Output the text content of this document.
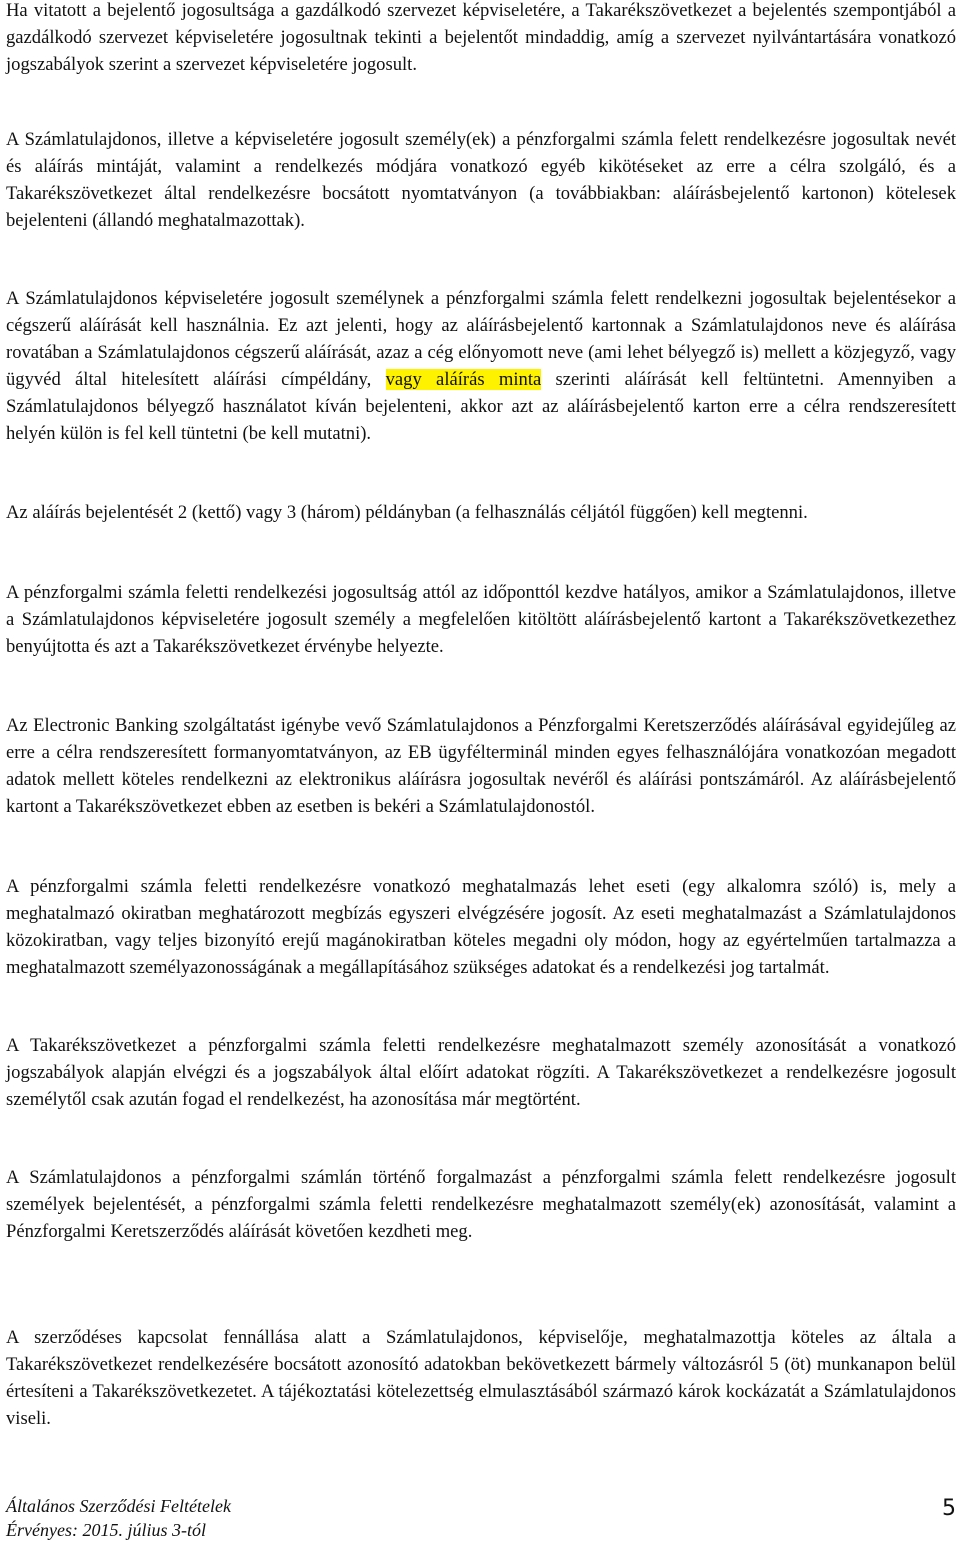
Ha vitatott a bejelentő jogosultsága a gazdálkodó szervezet képviseletére, a Takarékszövetkezet a bejelentés szempontjából a gazdálkodó szervezet képviseletére jogosultnak tekinti a bejelentőt mindaddig, amíg a szervezet nyilvántartására vonatkozó jogszabályok szerint a szervezet képviseletére jogosult.

A Számlatulajdonos, illetve a képviseletére jogosult személy(ek) a pénzforgalmi számla felett rendelkezésre jogosultak nevét és aláírás mintáját, valamint a rendelkezés módjára vonatkozó egyéb kikötéseket az erre a célra szolgáló, és a Takarékszövetkezet által rendelkezésre bocsátott nyomtatványon (a továbbiakban: aláírásbejelentő kartonon) kötelesek bejelenteni (állandó meghatalmazottak).

A Számlatulajdonos képviseletére jogosult személynek a pénzforgalmi számla felett rendelkezni jogosultak bejelentésekor a cégszerű aláírását kell használnia. Ez azt jelenti, hogy az aláírásbejelentő kartonnak a Számlatulajdonos neve és aláírása rovatában a Számlatulajdonos cégszerű aláírását, azaz a cég előnyomott neve (ami lehet bélyegző is) mellett a közjegyző, vagy ügyvéd által hitelesített aláírási címpéldány, vagy aláírás minta szerinti aláírását kell feltüntetni. Amennyiben a Számlatulajdonos bélyegző használatot kíván bejelenteni, akkor azt az aláírásbejelentő karton erre a célra rendszeresített helyén külön is fel kell tüntetni (be kell mutatni).

Az aláírás bejelentését 2 (kettő) vagy 3 (három) példányban (a felhasználás céljától függően) kell megtenni.

A pénzforgalmi számla feletti rendelkezési jogosultság attól az időponttól kezdve hatályos, amikor a Számlatulajdonos, illetve a Számlatulajdonos képviseletére jogosult személy a megfelelően kitöltött aláírásbejelentő kartont a Takarékszövetkezethez benyújtotta és azt a Takarékszövetkezet érvénybe helyezte.

Az Electronic Banking szolgáltatást igénybe vevő Számlatulajdonos a Pénzforgalmi Keretszerződés aláírásával egyidejűleg az erre a célra rendszeresített formanyomtatványon, az EB ügyfélterminál minden egyes felhasználójára vonatkozóan megadott adatok mellett köteles rendelkezni az elektronikus aláírásra jogosultak nevéről és aláírási pontszámáról. Az aláírásbejelentő kartont a Takarékszövetkezet ebben az esetben is bekéri a Számlatulajdonostól.

A pénzforgalmi számla feletti rendelkezésre vonatkozó meghatalmazás lehet eseti (egy alkalomra szóló) is, mely a meghatalmazó okiratban meghatározott megbízás egyszeri elvégzésére jogosít. Az eseti meghatalmazást a Számlatulajdonos közokiratban, vagy teljes bizonyító erejű magánokiratban köteles megadni oly módon, hogy az egyértelműen tartalmazza a meghatalmazott személyazonosságának a megállapításához szükséges adatokat és a rendelkezési jog tartalmát.

A Takarékszövetkezet a pénzforgalmi számla feletti rendelkezésre meghatalmazott személy azonosítását a vonatkozó jogszabályok alapján elvégzi és a jogszabályok által előírt adatokat rögzíti. A Takarékszövetkezet a rendelkezésre jogosult személytől csak azután fogad el rendelkezést, ha azonosítása már megtörtént.

A Számlatulajdonos a pénzforgalmi számlán történő forgalmazást a pénzforgalmi számla felett rendelkezésre jogosult személyek bejelentését, a pénzforgalmi számla feletti rendelkezésre meghatalmazott személy(ek) azonosítását, valamint a Pénzforgalmi Keretszerződés aláírását követően kezdheti meg.

A szerződéses kapcsolat fennállása alatt a Számlatulajdonos, képviselője, meghatalmazottja köteles az általa a Takarékszövetkezet rendelkezésére bocsátott azonosító adatokban bekövetkezett bármely változásról 5 (öt) munkanapon belül értesíteni a Takarékszövetkezetet. A tájékoztatási kötelezettség elmulasztásából származó károk kockázatát a Számlatulajdonos viseli.

Általános Szerződési Feltételek
Érvényes: 2015. július 3-tól
5
